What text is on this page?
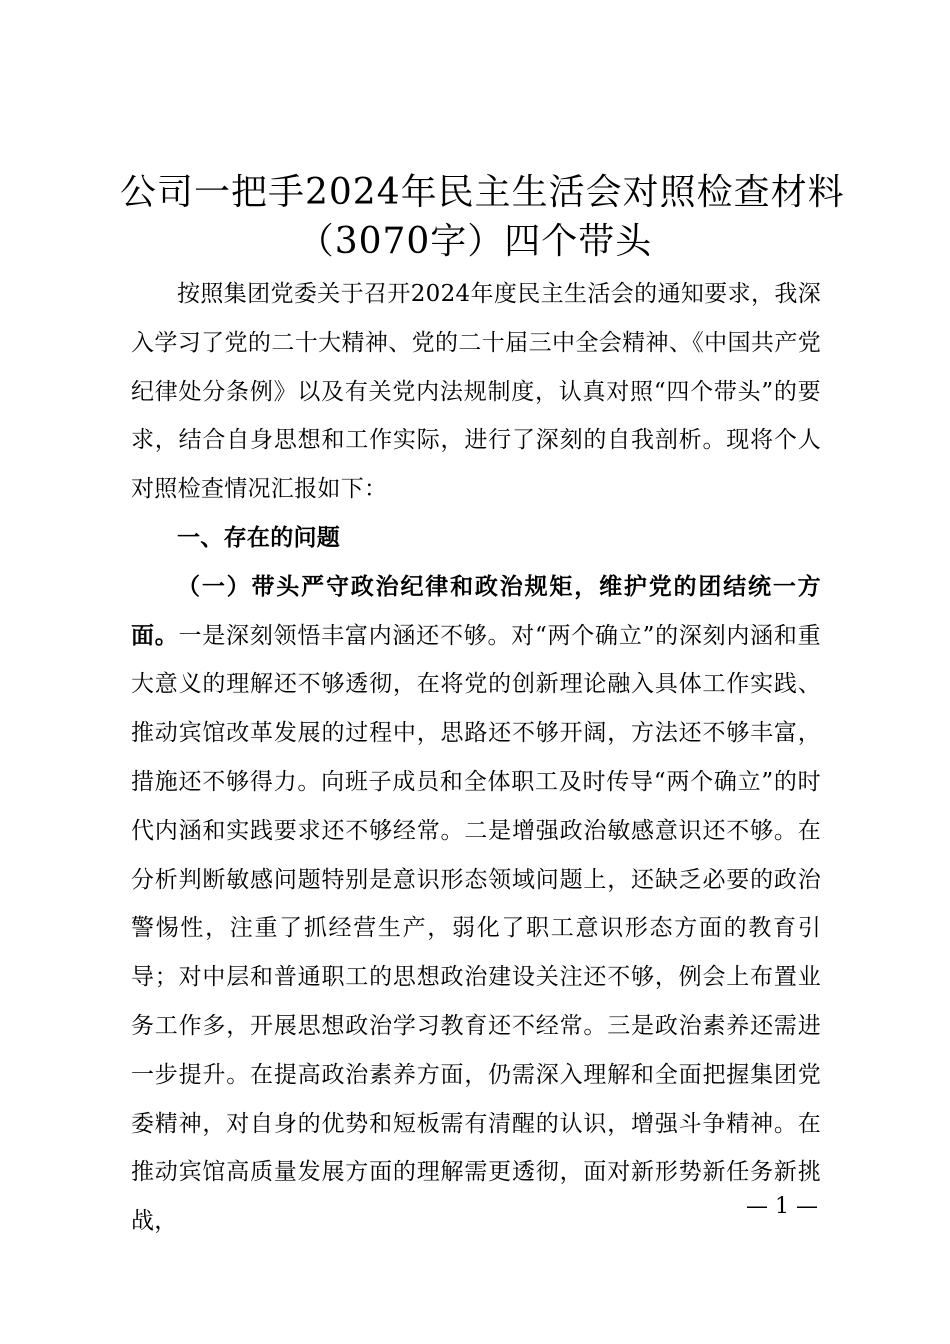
公司一把手2024年民主生活会对照检查材料
（3070字）四个带头

按照集团党委关于召开2024年度民主生活会的通知要求，我深入学习了党的二十大精神、党的二十届三中全会精神、《中国共产党纪律处分条例》以及有关党内法规制度，认真对照“四个带头”的要求，结合自身思想和工作实际，进行了深刻的自我剖析。现将个人对照检查情况汇报如下：

一、存在的问题

（一）带头严守政治纪律和政治规矩，维护党的团结统一方面。一是深刻领悟丰富内涵还不够。对“两个确立”的深刻内涵和重大意义的理解还不够透彻，在将党的创新理论融入具体工作实践、推动宾馆改革发展的过程中，思路还不够开阔，方法还不够丰富，措施还不够得力。向班子成员和全体职工及时传导“两个确立”的时代内涵和实践要求还不够经常。二是增强政治敏感意识还不够。在分析判断敏感问题特别是意识形态领域问题上，还缺乏必要的政治警惕性，注重了抓经营生产，弱化了职工意识形态方面的教育引导；对中层和普通职工的思想政治建设关注还不够，例会上布置业务工作多，开展思想政治学习教育还不经常。三是政治素养还需进一步提升。在提高政治素养方面，仍需深入理解和全面把握集团党委精神，对自身的优势和短板需有清醒的认识，增强斗争精神。在推动宾馆高质量发展方面的理解需更透彻，面对新形势新任务新挑战，

— 1 —
